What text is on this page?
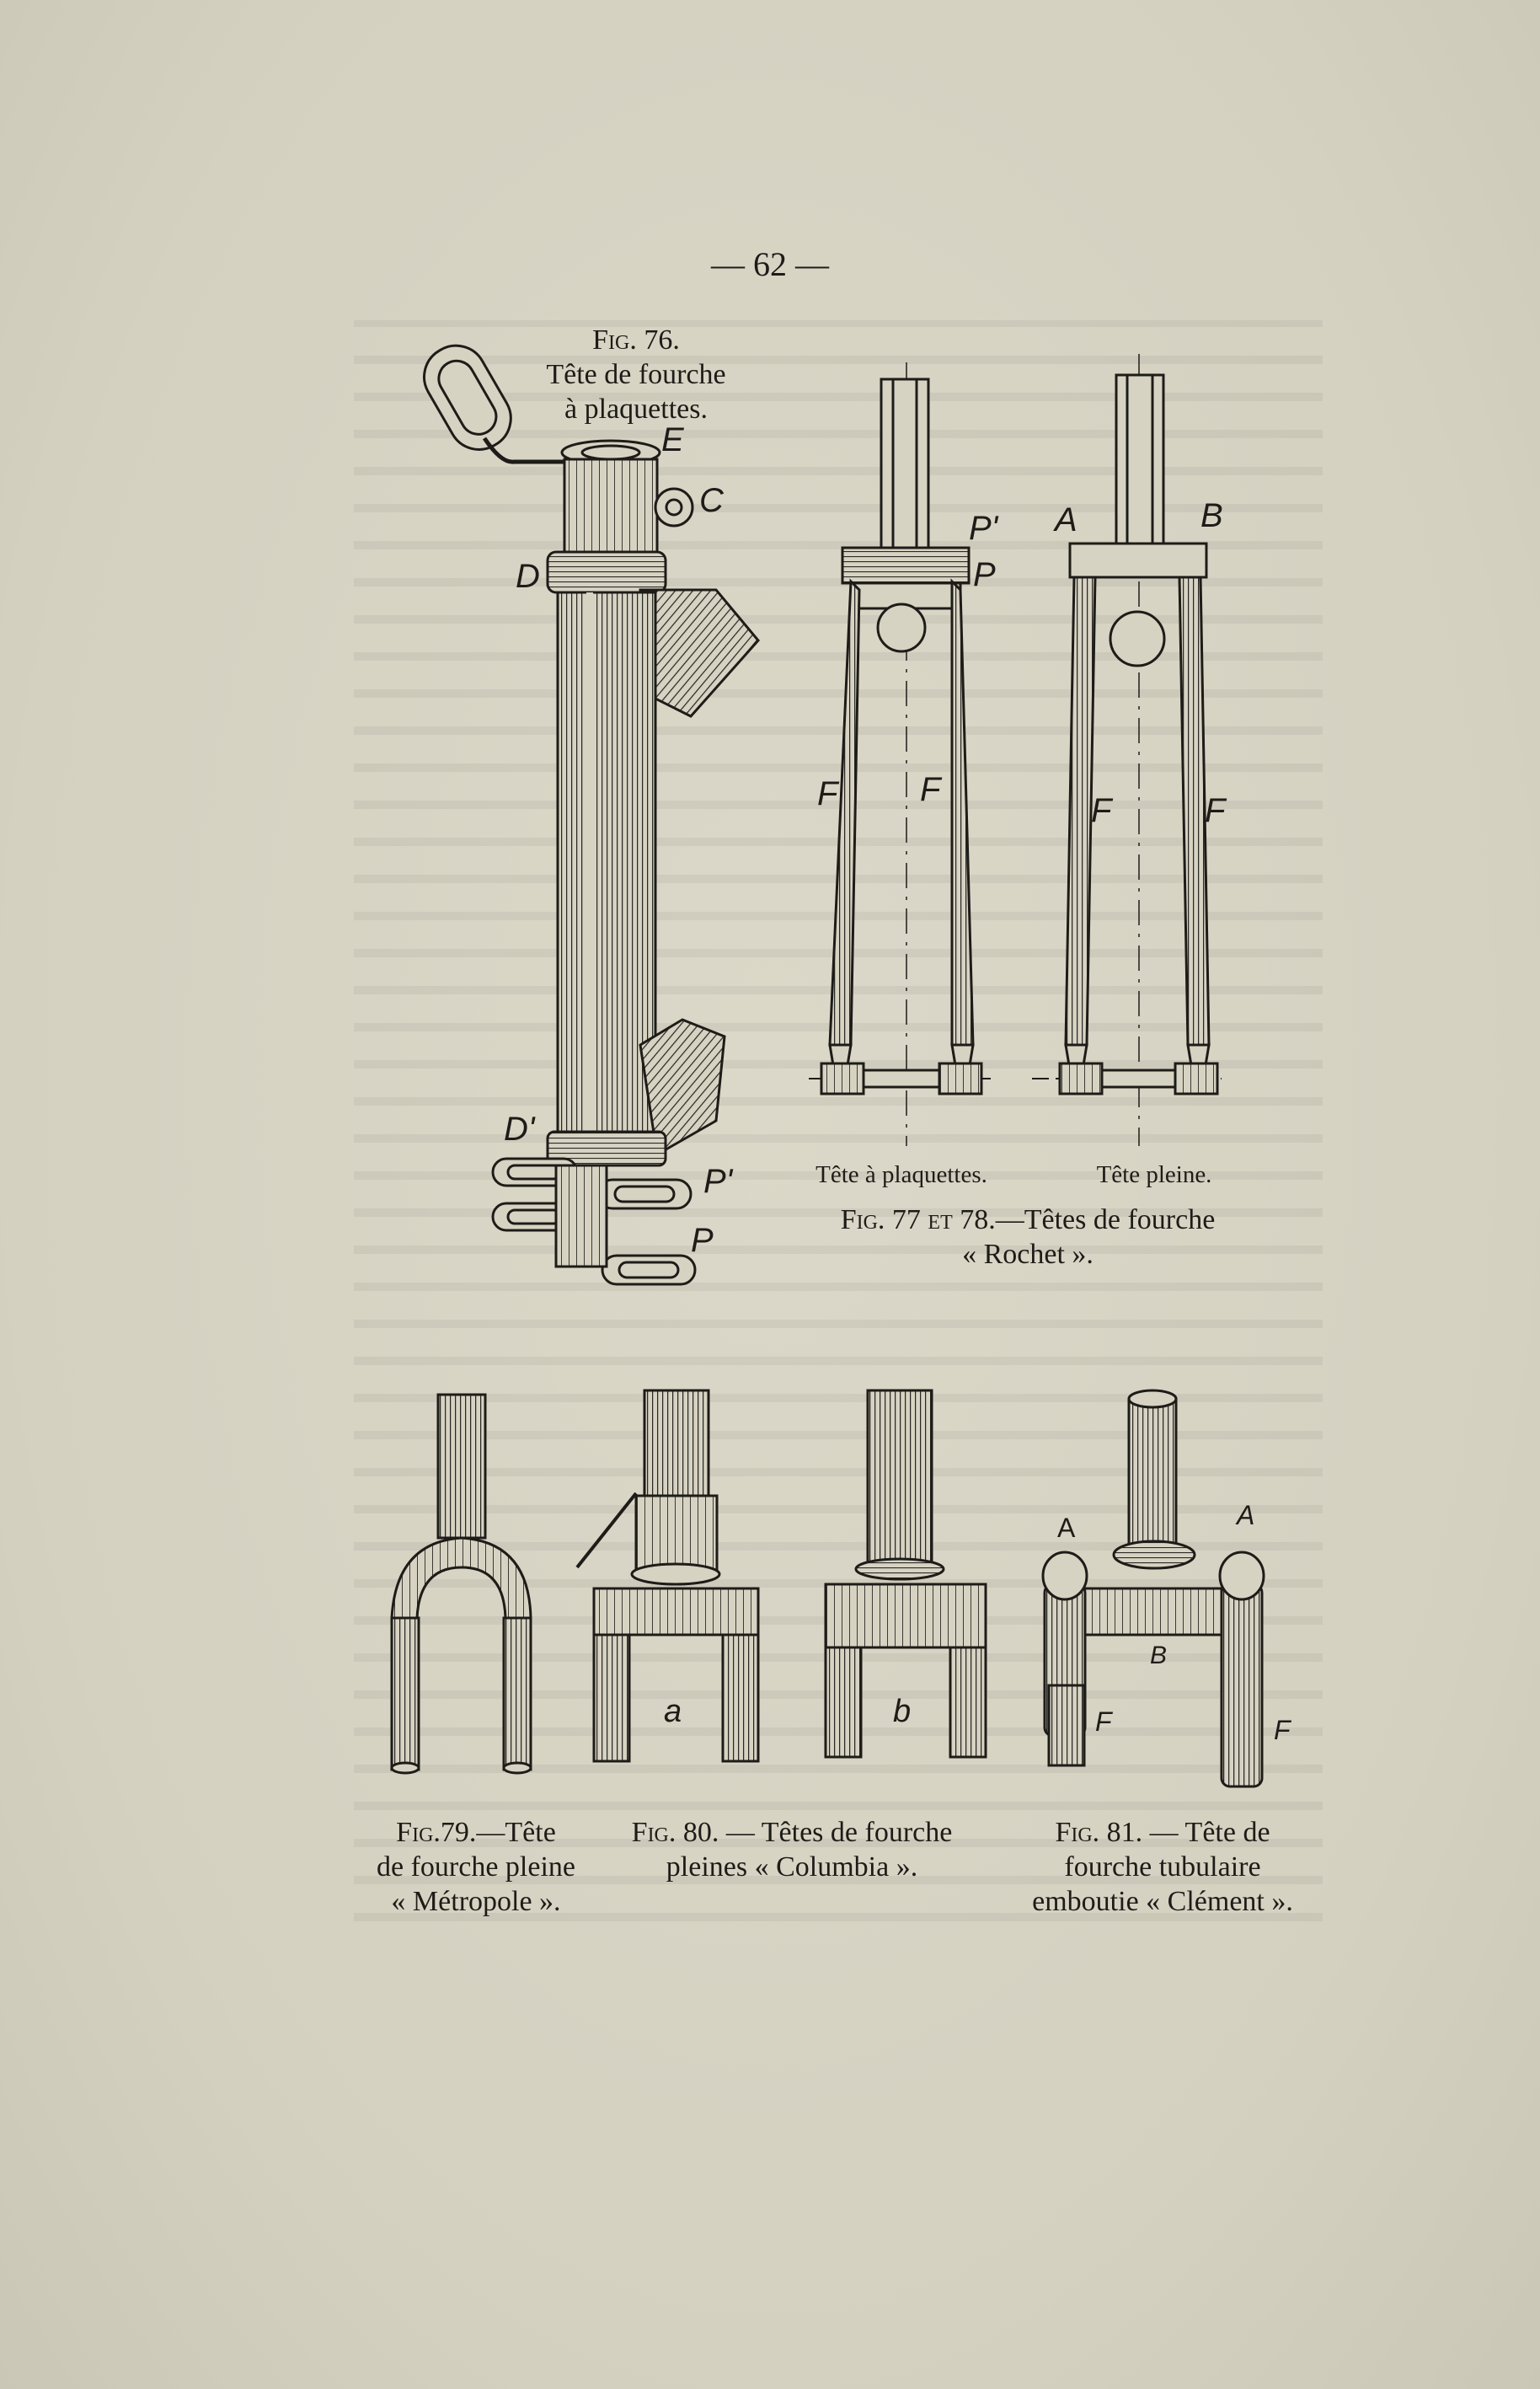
— 62 —
Fig. 76.
Tête de fourche
à plaquettes.
E
C
D
D'
P'
P
P'
P
F F
A	B
F	F
Tête à plaquettes.	Tête pleine.
Fig. 77 et 78.—Têtes de fourche
« Rochet ».
a	b
A	A
B
F	F
Fig.79.—Tête
de fourche pleine
« Métropole ».
Fig. 80. — Têtes de fourche
pleines « Columbia ».
Fig. 81. — Tête de
fourche tubulaire
emboutie « Clément ».
